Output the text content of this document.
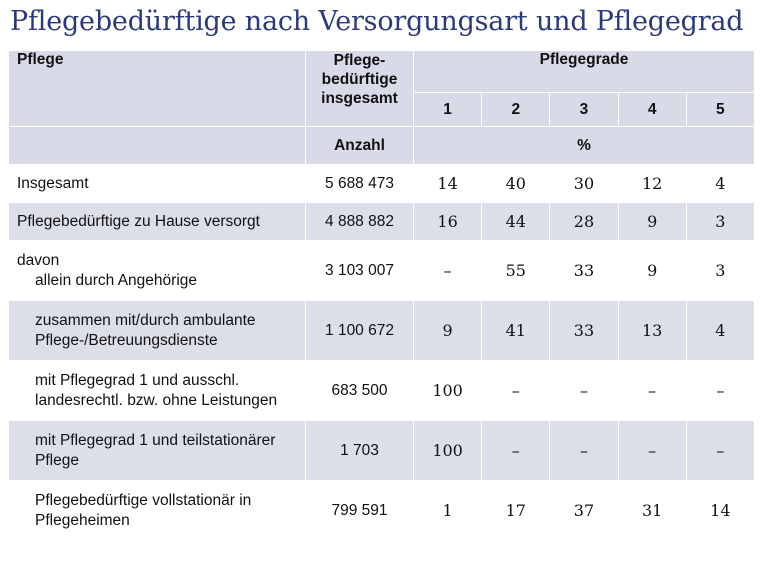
Pflegebedürftige nach Versorgungsart und Pflegegrad
Pflege	Pflege-
bedürftige
insgesamt	Pflegegrade				
		1	2	3	4	5
	Anzahl	%				

Insgesamt	5 688 473	14	40	30	12	4

Pflegebedürftige zu Hause versorgt	4 888 882	16	44	28	9	3

davon
allein durch Angehörige	3 103 007	–	55	33	9	3

zusammen mit/durch ambulante
Pflege-/Betreuungsdienste	1 100 672	9	41	33	13	4

mit Pflegegrad 1 und ausschl.
landesrechtl. bzw. ohne Leistungen	683 500	100	–	–	–	–

mit Pflegegrad 1 und teilstationärer
Pflege	1 703	100	–	–	–	–

Pflegebedürftige vollstationär in
Pflegeheimen	799 591	1	17	37	31	14
